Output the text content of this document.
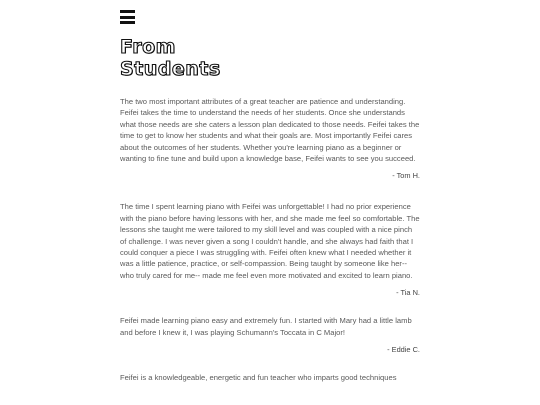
From
Students

The two most important attributes of a great teacher are patience and understanding. Feifei takes the time to understand the needs of her students. Once she understands what those needs are she caters a lesson plan dedicated to those needs. Feifei takes the time to get to know her students and what their goals are. Most importantly Feifei cares about the outcomes of her students. Whether you're learning piano as a beginner or wanting to fine tune and build upon a knowledge base, Feifei wants to see you succeed.

- Tom H.

The time I spent learning piano with Feifei was unforgettable! I had no prior experience with the piano before having lessons with her, and she made me feel so comfortable. The lessons she taught me were tailored to my skill level and was coupled with a nice pinch of challenge. I was never given a song I couldn't handle, and she always had faith that I could conquer a piece I was struggling with. Feifei often knew what I needed whether it was a little patience, practice, or self-compassion. Being taught by someone like her-- who truly cared for me-- made me feel even more motivated and excited to learn piano.

- Tia N.

Feifei made learning piano easy and extremely fun. I started with Mary had a little lamb and before I knew it, I was playing Schumann's Toccata in C Major!

- Eddie C.

Feifei is a knowledgeable, energetic and fun teacher who imparts good techniques
